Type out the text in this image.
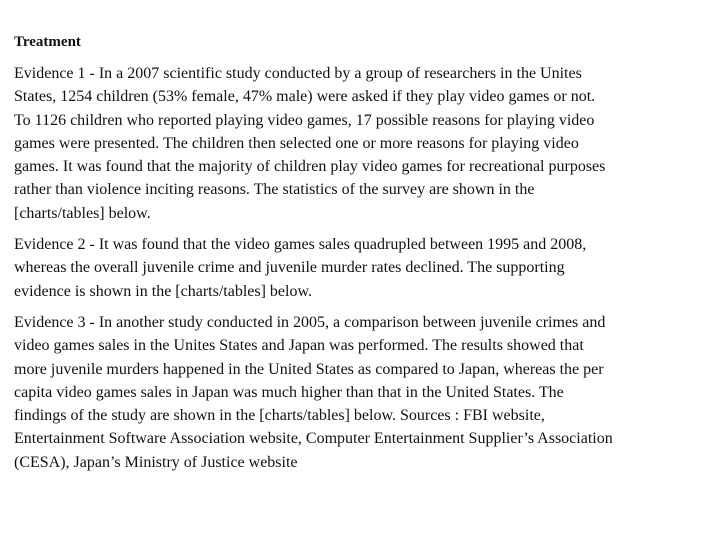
Treatment

Evidence 1 - In a 2007 scientific study conducted by a group of researchers in the Unites States, 1254 children (53% female, 47% male) were asked if they play video games or not. To 1126 children who reported playing video games, 17 possible reasons for playing video games were presented. The children then selected one or more reasons for playing video games. It was found that the majority of children play video games for recreational purposes rather than violence inciting reasons. The statistics of the survey are shown in the [charts/tables] below.

Evidence 2 - It was found that the video games sales quadrupled between 1995 and 2008, whereas the overall juvenile crime and juvenile murder rates declined. The supporting evidence is shown in the [charts/tables] below.

Evidence 3 - In another study conducted in 2005, a comparison between juvenile crimes and video games sales in the Unites States and Japan was performed. The results showed that more juvenile murders happened in the United States as compared to Japan, whereas the per capita video games sales in Japan was much higher than that in the United States. The findings of the study are shown in the [charts/tables] below. Sources : FBI website, Entertainment Software Association website, Computer Entertainment Supplier’s Association (CESA), Japan’s Ministry of Justice website
